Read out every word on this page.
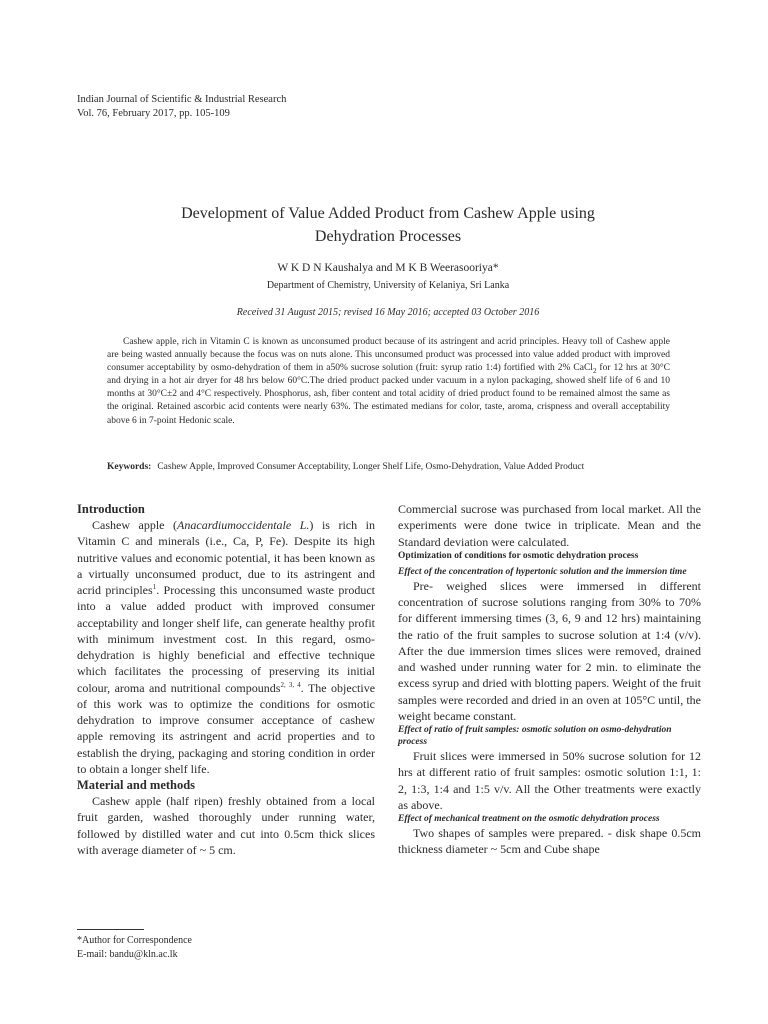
Indian Journal of Scientific & Industrial Research
Vol. 76, February 2017, pp. 105-109
Development of Value Added Product from Cashew Apple using
Dehydration Processes
W K D N Kaushalya and M K B Weerasooriya*
Department of Chemistry, University of Kelaniya, Sri Lanka
Received 31 August 2015; revised 16 May 2016; accepted 03 October 2016
Cashew apple, rich in Vitamin C is known as unconsumed product because of its astringent and acrid principles. Heavy toll of Cashew apple are being wasted annually because the focus was on nuts alone. This unconsumed product was processed into value added product with improved consumer acceptability by osmo-dehydration of them in a50% sucrose solution (fruit: syrup ratio 1:4) fortified with 2% CaCl$_2$ for 12 hrs at 30°C and drying in a hot air dryer for 48 hrs below 60°C.The dried product packed under vacuum in a nylon packaging, showed shelf life of 6 and 10 months at 30°C±2 and 4°C respectively. Phosphorus, ash, fiber content and total acidity of dried product found to be remained almost the same as the original. Retained ascorbic acid contents were nearly 63%. The estimated medians for color, taste, aroma, crispness and overall acceptability above 6 in 7-point Hedonic scale.
Keywords: Cashew Apple, Improved Consumer Acceptability, Longer Shelf Life, Osmo-Dehydration, Value Added Product
Introduction

Cashew apple (Anacardiumoccidentale L.) is rich in Vitamin C and minerals (i.e., Ca, P, Fe). Despite its high nutritive values and economic potential, it has been known as a virtually unconsumed product, due to its astringent and acrid principles$^1$. Processing this unconsumed waste product into a value added product with improved consumer acceptability and longer shelf life, can generate healthy profit with minimum investment cost. In this regard, osmo-dehydration is highly beneficial and effective technique which facilitates the processing of preserving its initial colour, aroma and nutritional compounds$^{2, 3, 4}$. The objective of this work was to optimize the conditions for osmotic dehydration to improve consumer acceptance of cashew apple removing its astringent and acrid properties and to establish the drying, packaging and storing condition in order to obtain a longer shelf life.

Material and methods

Cashew apple (half ripen) freshly obtained from a local fruit garden, washed thoroughly under running water, followed by distilled water and cut into 0.5cm thick slices with average diameter of ~ 5 cm.

Commercial sucrose was purchased from local market. All the experiments were done twice in triplicate. Mean and the Standard deviation were calculated.

Optimization of conditions for osmotic dehydration process
Effect of the concentration of hypertonic solution and the immersion time

Pre- weighed slices were immersed in different concentration of sucrose solutions ranging from 30% to 70% for different immersing times (3, 6, 9 and 12 hrs) maintaining the ratio of the fruit samples to sucrose solution at 1:4 (v/v). After the due immersion times slices were removed, drained and washed under running water for 2 min. to eliminate the excess syrup and dried with blotting papers. Weight of the fruit samples were recorded and dried in an oven at 105°C until, the weight became constant.

Effect of ratio of fruit samples: osmotic solution on osmo-dehydration process

Fruit slices were immersed in 50% sucrose solution for 12 hrs at different ratio of fruit samples: osmotic solution 1:1, 1: 2, 1:3, 1:4 and 1:5 v/v. All the Other treatments were exactly as above.

Effect of mechanical treatment on the osmotic dehydration process

Two shapes of samples were prepared. - disk shape 0.5cm thickness diameter ~ 5cm and Cube shape

*Author for Correspondence
E-mail: bandu@kln.ac.lk
